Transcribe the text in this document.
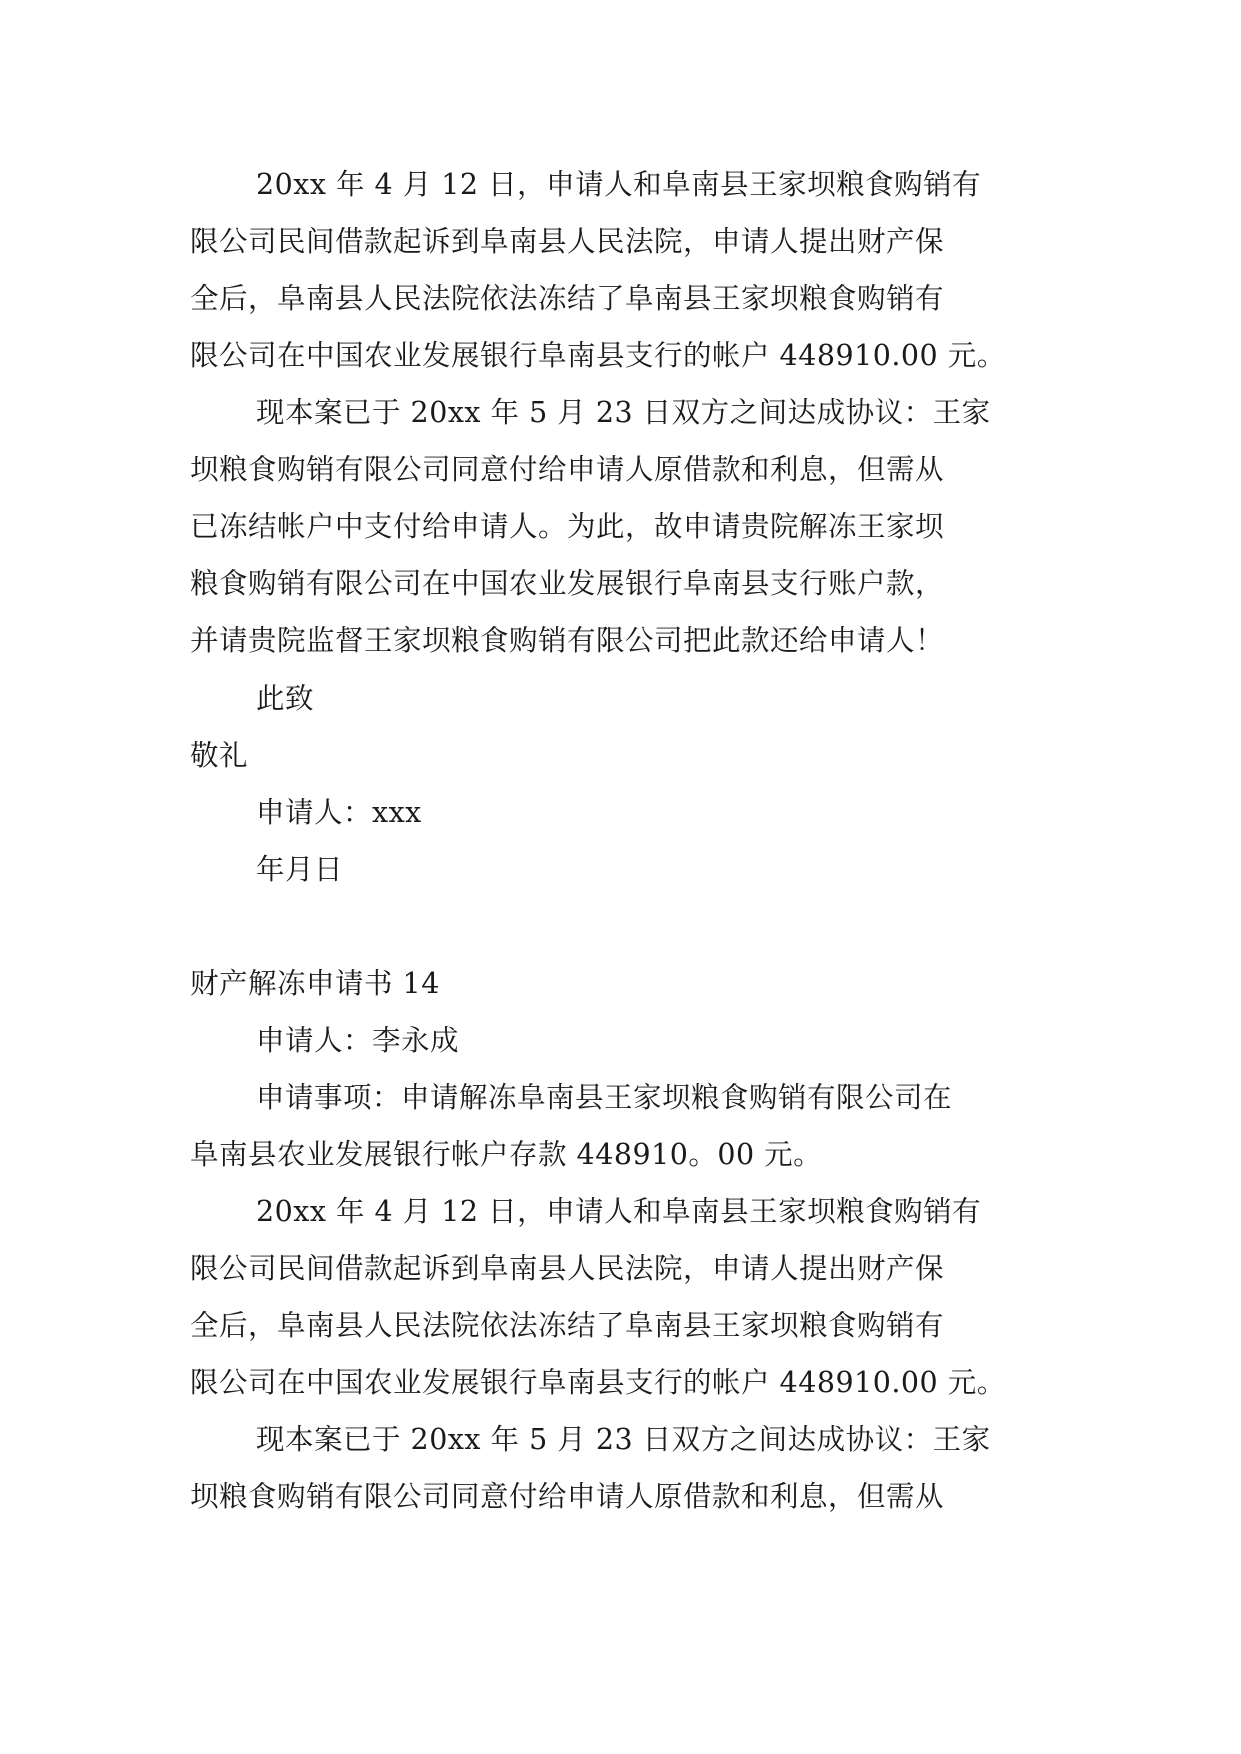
20xx 年 4 月 12 日，申请人和阜南县王家坝粮食购销有
限公司民间借款起诉到阜南县人民法院，申请人提出财产保
全后，阜南县人民法院依法冻结了阜南县王家坝粮食购销有
限公司在中国农业发展银行阜南县支行的帐户 448910.00 元。
现本案已于 20xx 年 5 月 23 日双方之间达成协议：王家
坝粮食购销有限公司同意付给申请人原借款和利息，但需从
已冻结帐户中支付给申请人。为此，故申请贵院解冻王家坝
粮食购销有限公司在中国农业发展银行阜南县支行账户款，
并请贵院监督王家坝粮食购销有限公司把此款还给申请人！
此致
敬礼
申请人：xxx
年月日
财产解冻申请书 14
申请人：李永成
申请事项：申请解冻阜南县王家坝粮食购销有限公司在
阜南县农业发展银行帐户存款 448910。00 元。
20xx 年 4 月 12 日，申请人和阜南县王家坝粮食购销有
限公司民间借款起诉到阜南县人民法院，申请人提出财产保
全后，阜南县人民法院依法冻结了阜南县王家坝粮食购销有
限公司在中国农业发展银行阜南县支行的帐户 448910.00 元。
现本案已于 20xx 年 5 月 23 日双方之间达成协议：王家
坝粮食购销有限公司同意付给申请人原借款和利息，但需从
